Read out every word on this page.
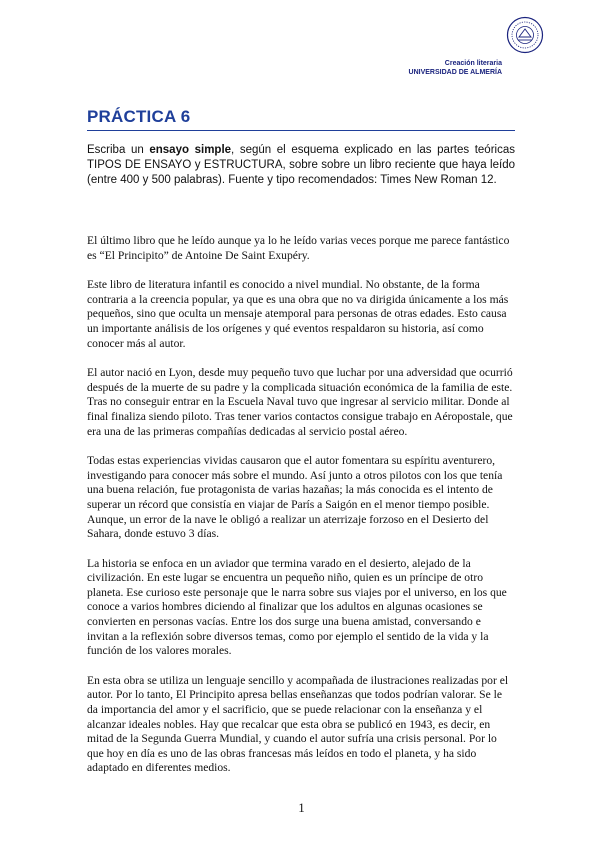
Creación literaria
UNIVERSIDAD DE ALMERÍA
PRÁCTICA 6

Escriba un ensayo simple, según el esquema explicado en las partes teóricas TIPOS DE ENSAYO y ESTRUCTURA, sobre sobre un libro reciente que haya leído (entre 400 y 500 palabras). Fuente y tipo recomendados: Times New Roman 12.

El último libro que he leído aunque ya lo he leído varias veces porque me parece fantástico es “El Principito” de Antoine De Saint Exupéry.

Este libro de literatura infantil es conocido a nivel mundial. No obstante, de la forma contraria a la creencia popular, ya que es una obra que no va dirigida únicamente a los más pequeños, sino que oculta un mensaje atemporal para personas de otras edades. Esto causa un importante análisis de los orígenes y qué eventos respaldaron su historia, así como conocer más al autor.

El autor nació en Lyon, desde muy pequeño tuvo que luchar por una adversidad que ocurrió después de la muerte de su padre y la complicada situación económica de la familia de este. Tras no conseguir entrar en la Escuela Naval tuvo que ingresar al servicio militar. Donde al final finaliza siendo piloto. Tras tener varios contactos consigue trabajo en Aéropostale, que era una de las primeras compañías dedicadas al servicio postal aéreo.

Todas estas experiencias vividas causaron que el autor fomentara su espíritu aventurero, investigando para conocer más sobre el mundo. Así junto a otros pilotos con los que tenía una buena relación, fue protagonista de varias hazañas; la más conocida es el intento de superar un récord que consistía en viajar de París a Saigón en el menor tiempo posible. Aunque, un error de la nave le obligó a realizar un aterrizaje forzoso en el Desierto del Sahara, donde estuvo 3 días.

La historia se enfoca en un aviador que termina varado en el desierto, alejado de la civilización. En este lugar se encuentra un pequeño niño, quien es un príncipe de otro planeta. Ese curioso este personaje que le narra sobre sus viajes por el universo, en los que conoce a varios hombres diciendo al finalizar que los adultos en algunas ocasiones se convierten en personas vacías. Entre los dos surge una buena amistad, conversando e invitan a la reflexión sobre diversos temas, como por ejemplo el sentido de la vida y la función de los valores morales.

En esta obra se utiliza un lenguaje sencillo y acompañada de ilustraciones realizadas por el autor. Por lo tanto, El Principito apresa bellas enseñanzas que todos podrían valorar. Se le da importancia del amor y el sacrificio, que se puede relacionar con la enseñanza y el alcanzar ideales nobles. Hay que recalcar que esta obra se publicó en 1943, es decir, en mitad de la Segunda Guerra Mundial, y cuando el autor sufría una crisis personal. Por lo que hoy en día es uno de las obras francesas más leídos en todo el planeta, y ha sido adaptado en diferentes medios.

1
